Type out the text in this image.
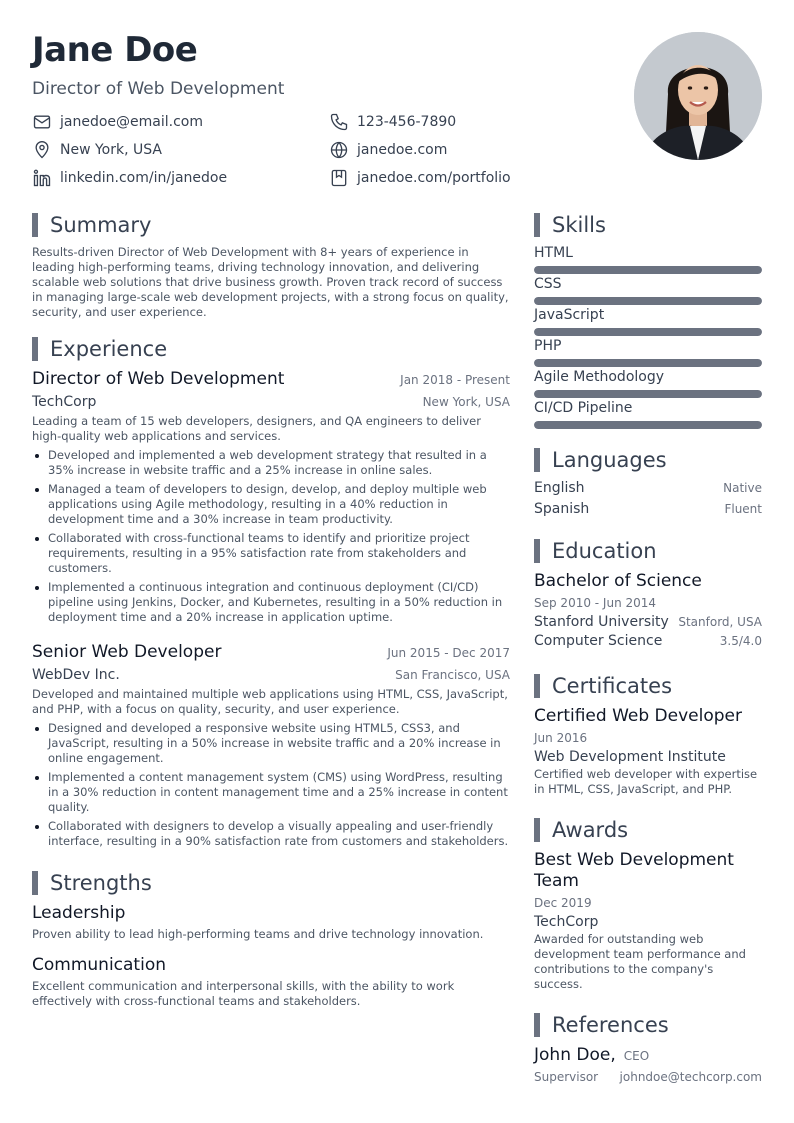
Jane Doe
Director of Web Development
janedoe@email.com	123-456-7890
New York, USA	janedoe.com
linkedin.com/in/janedoe	janedoe.com/portfolio
Summary
Results-driven Director of Web Development with 8+ years of experience in leading high-performing teams, driving technology innovation, and delivering scalable web solutions that drive business growth. Proven track record of success in managing large-scale web development projects, with a strong focus on quality, security, and user experience.
Experience
Director of Web Development	Jan 2018 - Present
TechCorp	New York, USA
Leading a team of 15 web developers, designers, and QA engineers to deliver high-quality web applications and services.
Developed and implemented a web development strategy that resulted in a 35% increase in website traffic and a 25% increase in online sales.
Managed a team of developers to design, develop, and deploy multiple web applications using Agile methodology, resulting in a 40% reduction in development time and a 30% increase in team productivity.
Collaborated with cross-functional teams to identify and prioritize project requirements, resulting in a 95% satisfaction rate from stakeholders and customers.
Implemented a continuous integration and continuous deployment (CI/CD) pipeline using Jenkins, Docker, and Kubernetes, resulting in a 50% reduction in deployment time and a 20% increase in application uptime.
Senior Web Developer	Jun 2015 - Dec 2017
WebDev Inc.	San Francisco, USA
Developed and maintained multiple web applications using HTML, CSS, JavaScript, and PHP, with a focus on quality, security, and user experience.
Designed and developed a responsive website using HTML5, CSS3, and JavaScript, resulting in a 50% increase in website traffic and a 20% increase in online engagement.
Implemented a content management system (CMS) using WordPress, resulting in a 30% reduction in content management time and a 25% increase in content quality.
Collaborated with designers to develop a visually appealing and user-friendly interface, resulting in a 90% satisfaction rate from customers and stakeholders.
Strengths
Leadership
Proven ability to lead high-performing teams and drive technology innovation.
Communication
Excellent communication and interpersonal skills, with the ability to work effectively with cross-functional teams and stakeholders.
Skills
HTML
CSS
JavaScript
PHP
Agile Methodology
CI/CD Pipeline
Languages
English	Native
Spanish	Fluent
Education
Bachelor of Science
Sep 2010 - Jun 2014
Stanford University Stanford, USA
Computer Science	3.5/4.0
Certificates
Certified Web Developer
Jun 2016
Web Development Institute
Certified web developer with expertise in HTML, CSS, JavaScript, and PHP.
Awards
Best Web Development Team
Dec 2019
TechCorp
Awarded for outstanding web development team performance and contributions to the company's success.
References
John Doe, CEO
Supervisor johndoe@techcorp.com
